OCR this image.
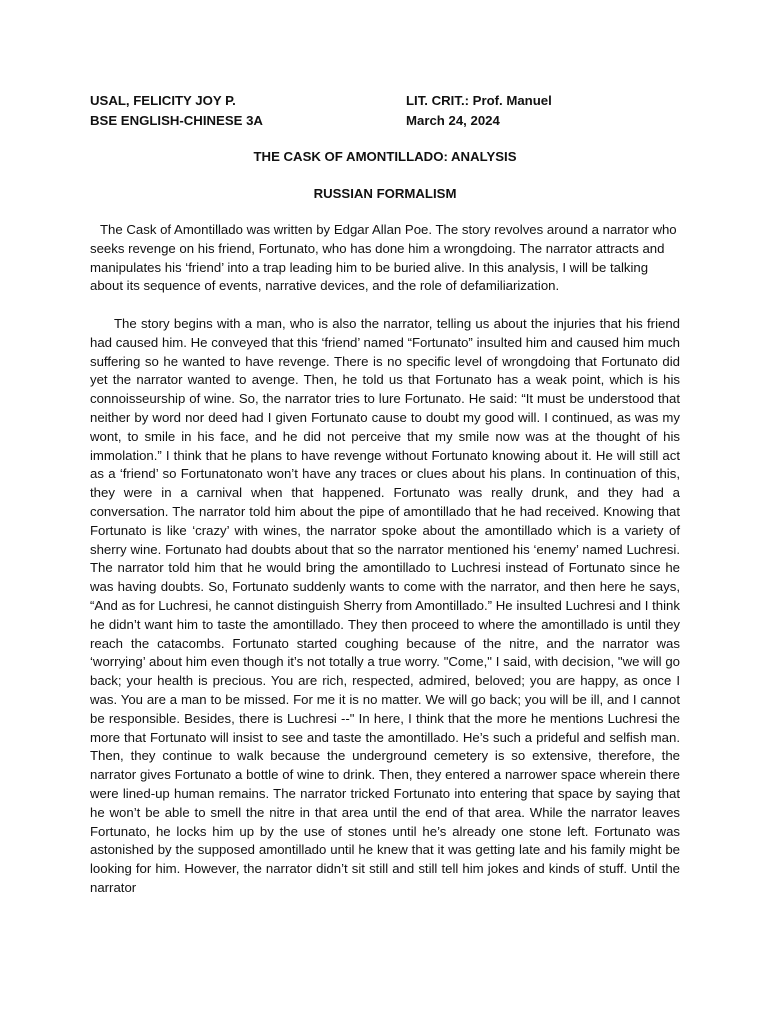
USAL, FELICITY JOY P.	LIT. CRIT.: Prof. Manuel
BSE ENGLISH-CHINESE 3A	March 24, 2024
THE CASK OF AMONTILLADO: ANALYSIS
RUSSIAN FORMALISM

The Cask of Amontillado was written by Edgar Allan Poe. The story revolves around a narrator who seeks revenge on his friend, Fortunato, who has done him a wrongdoing. The narrator attracts and manipulates his ‘friend’ into a trap leading him to be buried alive. In this analysis, I will be talking about its sequence of events, narrative devices, and the role of defamiliarization.

The story begins with a man, who is also the narrator, telling us about the injuries that his friend had caused him. He conveyed that this ‘friend’ named “Fortunato” insulted him and caused him much suffering so he wanted to have revenge. There is no specific level of wrongdoing that Fortunato did yet the narrator wanted to avenge. Then, he told us that Fortunato has a weak point, which is his connoisseurship of wine. So, the narrator tries to lure Fortunato. He said: “It must be understood that neither by word nor deed had I given Fortunato cause to doubt my good will. I continued, as was my wont, to smile in his face, and he did not perceive that my smile now was at the thought of his immolation.” I think that he plans to have revenge without Fortunato knowing about it. He will still act as a ‘friend’ so Fortunatonato won’t have any traces or clues about his plans. In continuation of this, they were in a carnival when that happened. Fortunato was really drunk, and they had a conversation. The narrator told him about the pipe of amontillado that he had received. Knowing that Fortunato is like ‘crazy’ with wines, the narrator spoke about the amontillado which is a variety of sherry wine. Fortunato had doubts about that so the narrator mentioned his ‘enemy’ named Luchresi. The narrator told him that he would bring the amontillado to Luchresi instead of Fortunato since he was having doubts. So, Fortunato suddenly wants to come with the narrator, and then here he says, “And as for Luchresi, he cannot distinguish Sherry from Amontillado.” He insulted Luchresi and I think he didn’t want him to taste the amontillado. They then proceed to where the amontillado is until they reach the catacombs. Fortunato started coughing because of the nitre, and the narrator was ‘worrying’ about him even though it’s not totally a true worry. "Come," I said, with decision, "we will go back; your health is precious. You are rich, respected, admired, beloved; you are happy, as once I was. You are a man to be missed. For me it is no matter. We will go back; you will be ill, and I cannot be responsible. Besides, there is Luchresi --" In here, I think that the more he mentions Luchresi the more that Fortunato will insist to see and taste the amontillado. He’s such a prideful and selfish man. Then, they continue to walk because the underground cemetery is so extensive, therefore, the narrator gives Fortunato a bottle of wine to drink. Then, they entered a narrower space wherein there were lined-up human remains. The narrator tricked Fortunato into entering that space by saying that he won’t be able to smell the nitre in that area until the end of that area. While the narrator leaves Fortunato, he locks him up by the use of stones until he’s already one stone left. Fortunato was astonished by the supposed amontillado until he knew that it was getting late and his family might be looking for him. However, the narrator didn’t sit still and still tell him jokes and kinds of stuff. Until the narrator
